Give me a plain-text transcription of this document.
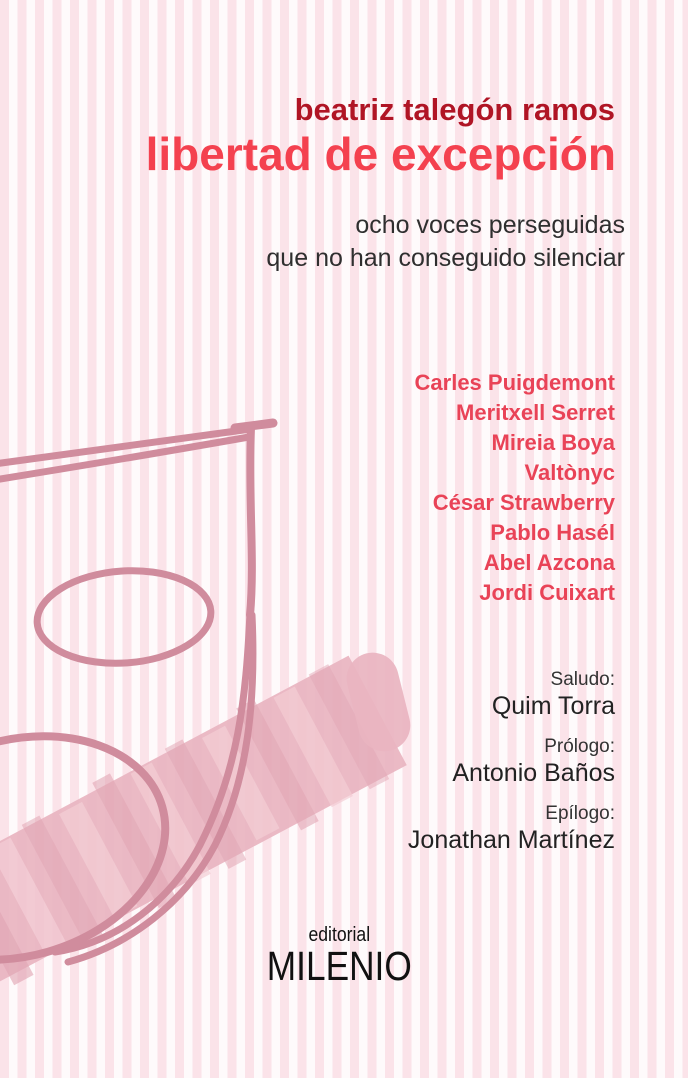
beatriz talegón ramos
libertad de excepción
ocho voces perseguidas
que no han conseguido silenciar
Carles Puigdemont
Meritxell Serret
Mireia Boya
Valtònyc
César Strawberry
Pablo Hasél
Abel Azcona
Jordi Cuixart
Saludo:
Quim Torra
Prólogo:
Antonio Baños
Epílogo:
Jonathan Martínez
editorial
MILENIO
